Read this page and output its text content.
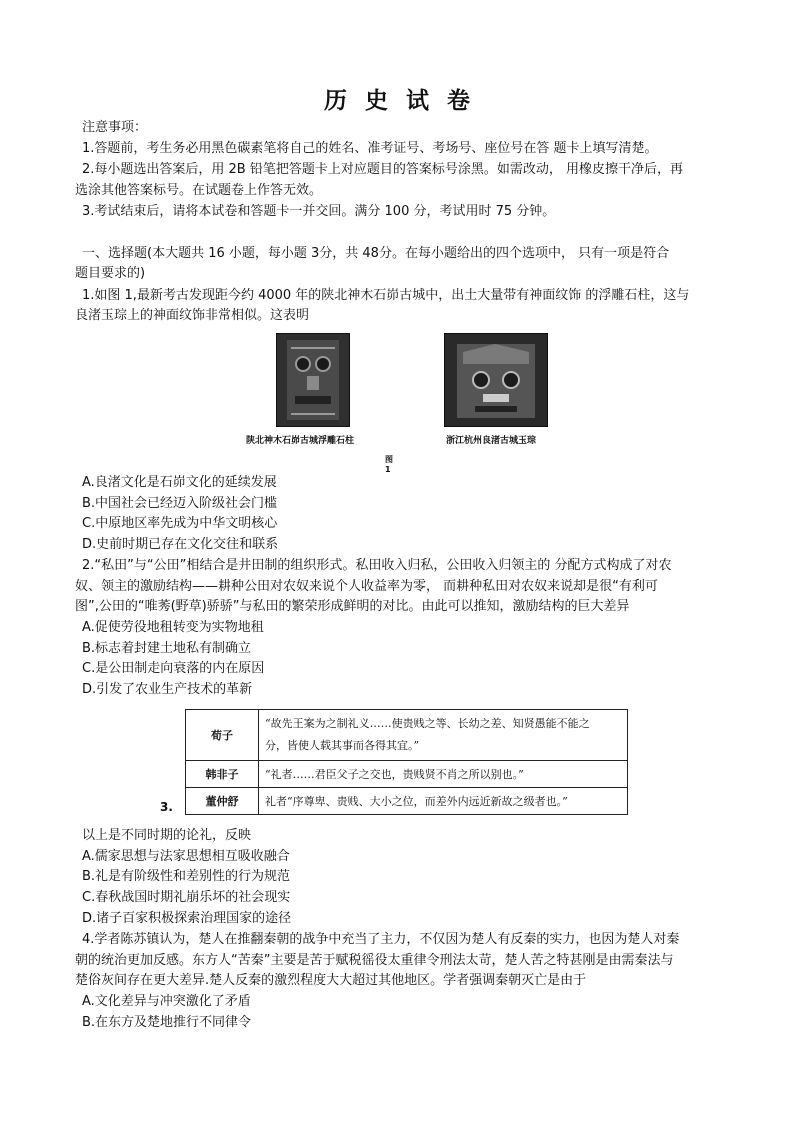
历 史 试 卷
注意事项：
1.答题前，考生务必用黑色碳素笔将自己的姓名、准考证号、考场号、座位号在答 题卡上填写清楚。
2.每小题选出答案后，用 2B 铅笔把答题卡上对应题目的答案标号涂黑。如需改动， 用橡皮擦干净后，再
选涂其他答案标号。在试题卷上作答无效。
3.考试结束后，请将本试卷和答题卡一并交回。满分 100 分，考试用时 75 分钟。
一、选择题(本大题共 16 小题，每小题 3分，共 48分。在每小题给出的四个选项中， 只有一项是符合
题目要求的)
1.如图 1,最新考古发现距今约 4000 年的陕北神木石峁古城中，出土大量带有神面纹饰 的浮雕石柱，这与
良渚玉琮上的神面纹饰非常相似。这表明
陕北神木石峁古城浮雕石柱	浙江杭州良渚古城玉琮
图 1
A.良渚文化是石峁文化的延续发展
B.中国社会已经迈入阶级社会门槛
C.中原地区率先成为中华文明核心
D.史前时期已存在文化交往和联系
2.“私田”与“公田”相结合是井田制的组织形式。私田收入归私，公田收入归领主的 分配方式构成了对农
奴、领主的激励结构——耕种公田对农奴来说个人收益率为零， 而耕种私田对农奴来说却是很“有利可
图”,公田的“唯莠(野草)骄骄”与私田的繁荣形成鲜明的对比。由此可以推知，激励结构的巨大差异
A.促使劳役地租转变为实物地租
B.标志着封建土地私有制确立
C.是公田制走向衰落的内在原因
D.引发了农业生产技术的革新
荀子	“故先王案为之制礼义……使贵贱之等、长幼之差、知贤愚能不能之
分，皆使人载其事而各得其宜。”

韩非子	“礼者……君臣父子之交也，贵贱贤不肖之所以别也。”
董仲舒	礼者“序尊卑、贵贱、大小之位，而差外内远近新故之级者也。”
3.
以上是不同时期的论礼，反映
A.儒家思想与法家思想相互吸收融合
B.礼是有阶级性和差别性的行为规范
C.春秋战国时期礼崩乐坏的社会现实
D.诸子百家积极探索治理国家的途径
4.学者陈苏镇认为，楚人在推翻秦朝的战争中充当了主力，不仅因为楚人有反秦的实力，也因为楚人对秦
朝的统治更加反感。东方人“苦秦”主要是苦于赋税徭役太重律令刑法太苛，楚人苦之特甚刚是由需秦法与
楚俗灰间存在更大差异.楚人反秦的激烈程度大大超过其他地区。学者强调秦朝灭亡是由于
A.文化差异与冲突激化了矛盾
B.在东方及楚地推行不同律令
